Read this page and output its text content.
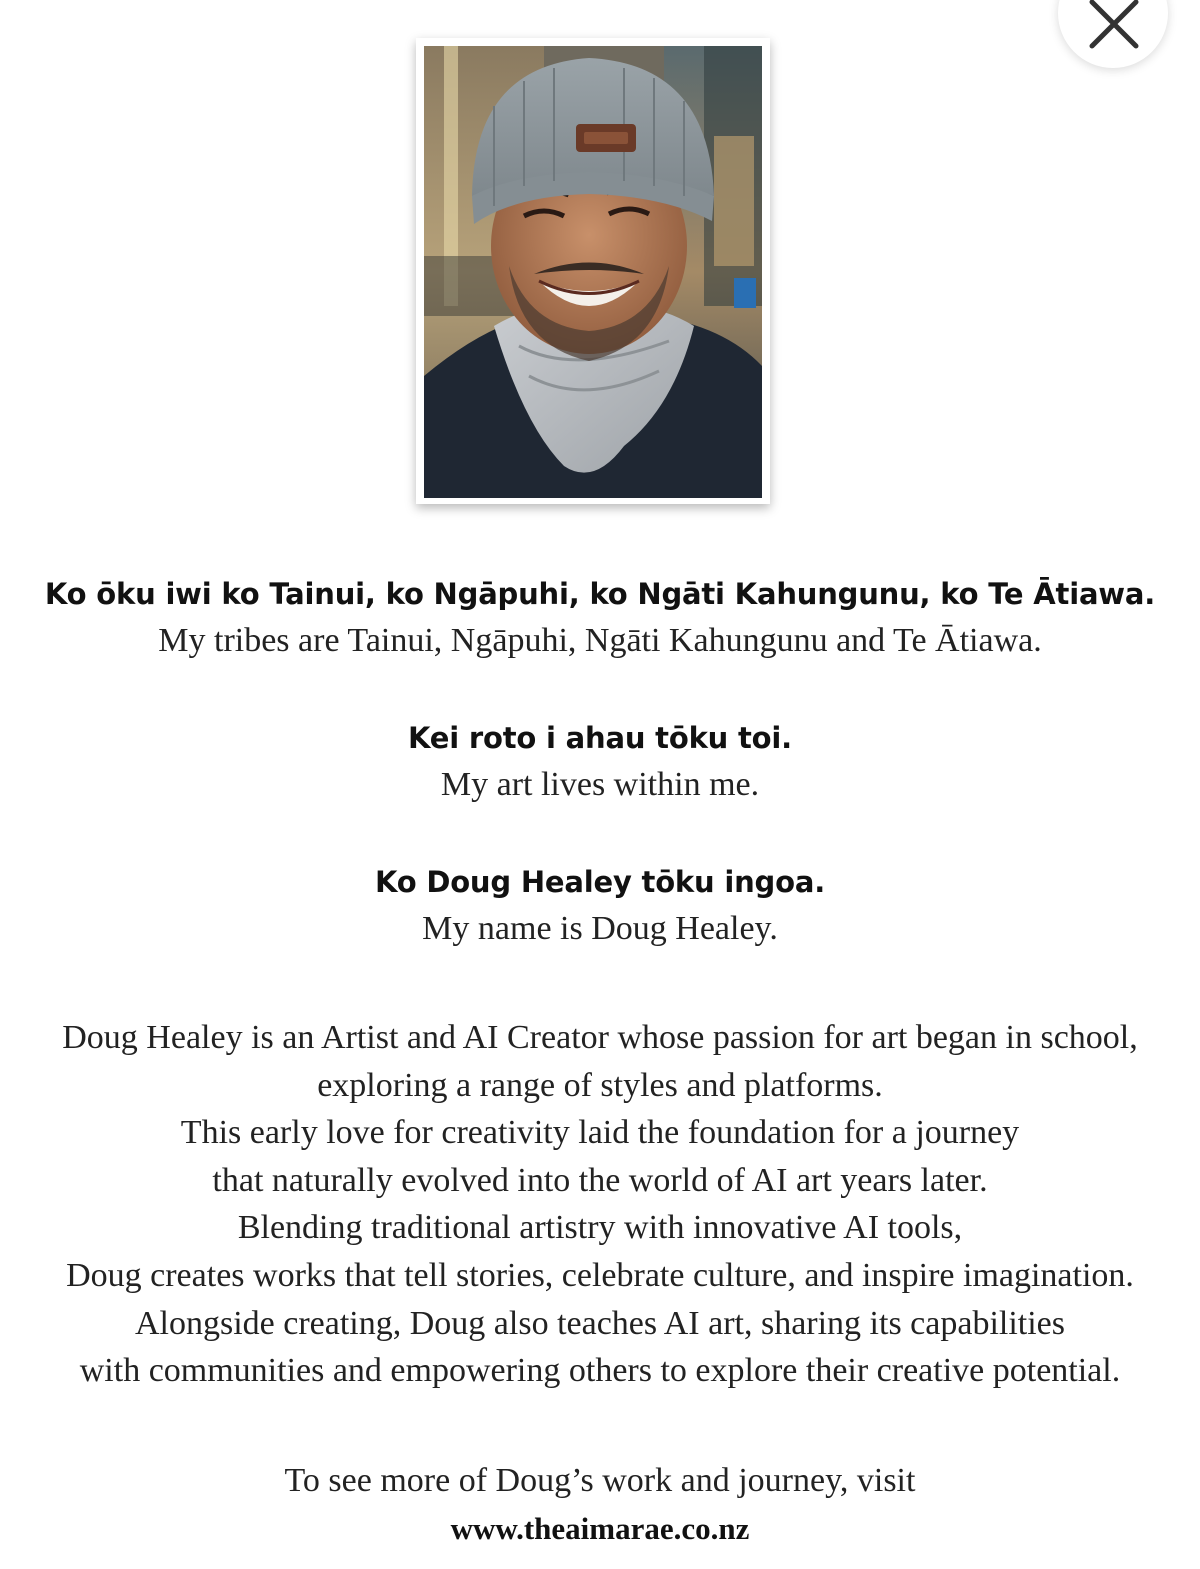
Ko ōku iwi ko Tainui, ko Ngāpuhi, ko Ngāti Kahungunu, ko Te Ātiawa.

My tribes are Tainui, Ngāpuhi, Ngāti Kahungunu and Te Ātiawa.

Kei roto i ahau tōku toi.

My art lives within me.

Ko Doug Healey tōku ingoa.

My name is Doug Healey.

Doug Healey is an Artist and AI Creator whose passion for art began in school,

exploring a range of styles and platforms.

This early love for creativity laid the foundation for a journey

that naturally evolved into the world of AI art years later.

Blending traditional artistry with innovative AI tools,

Doug creates works that tell stories, celebrate culture, and inspire imagination.

Alongside creating, Doug also teaches AI art, sharing its capabilities

with communities and empowering others to explore their creative potential.

To see more of Doug’s work and journey, visit

www.theaimarae.co.nz
